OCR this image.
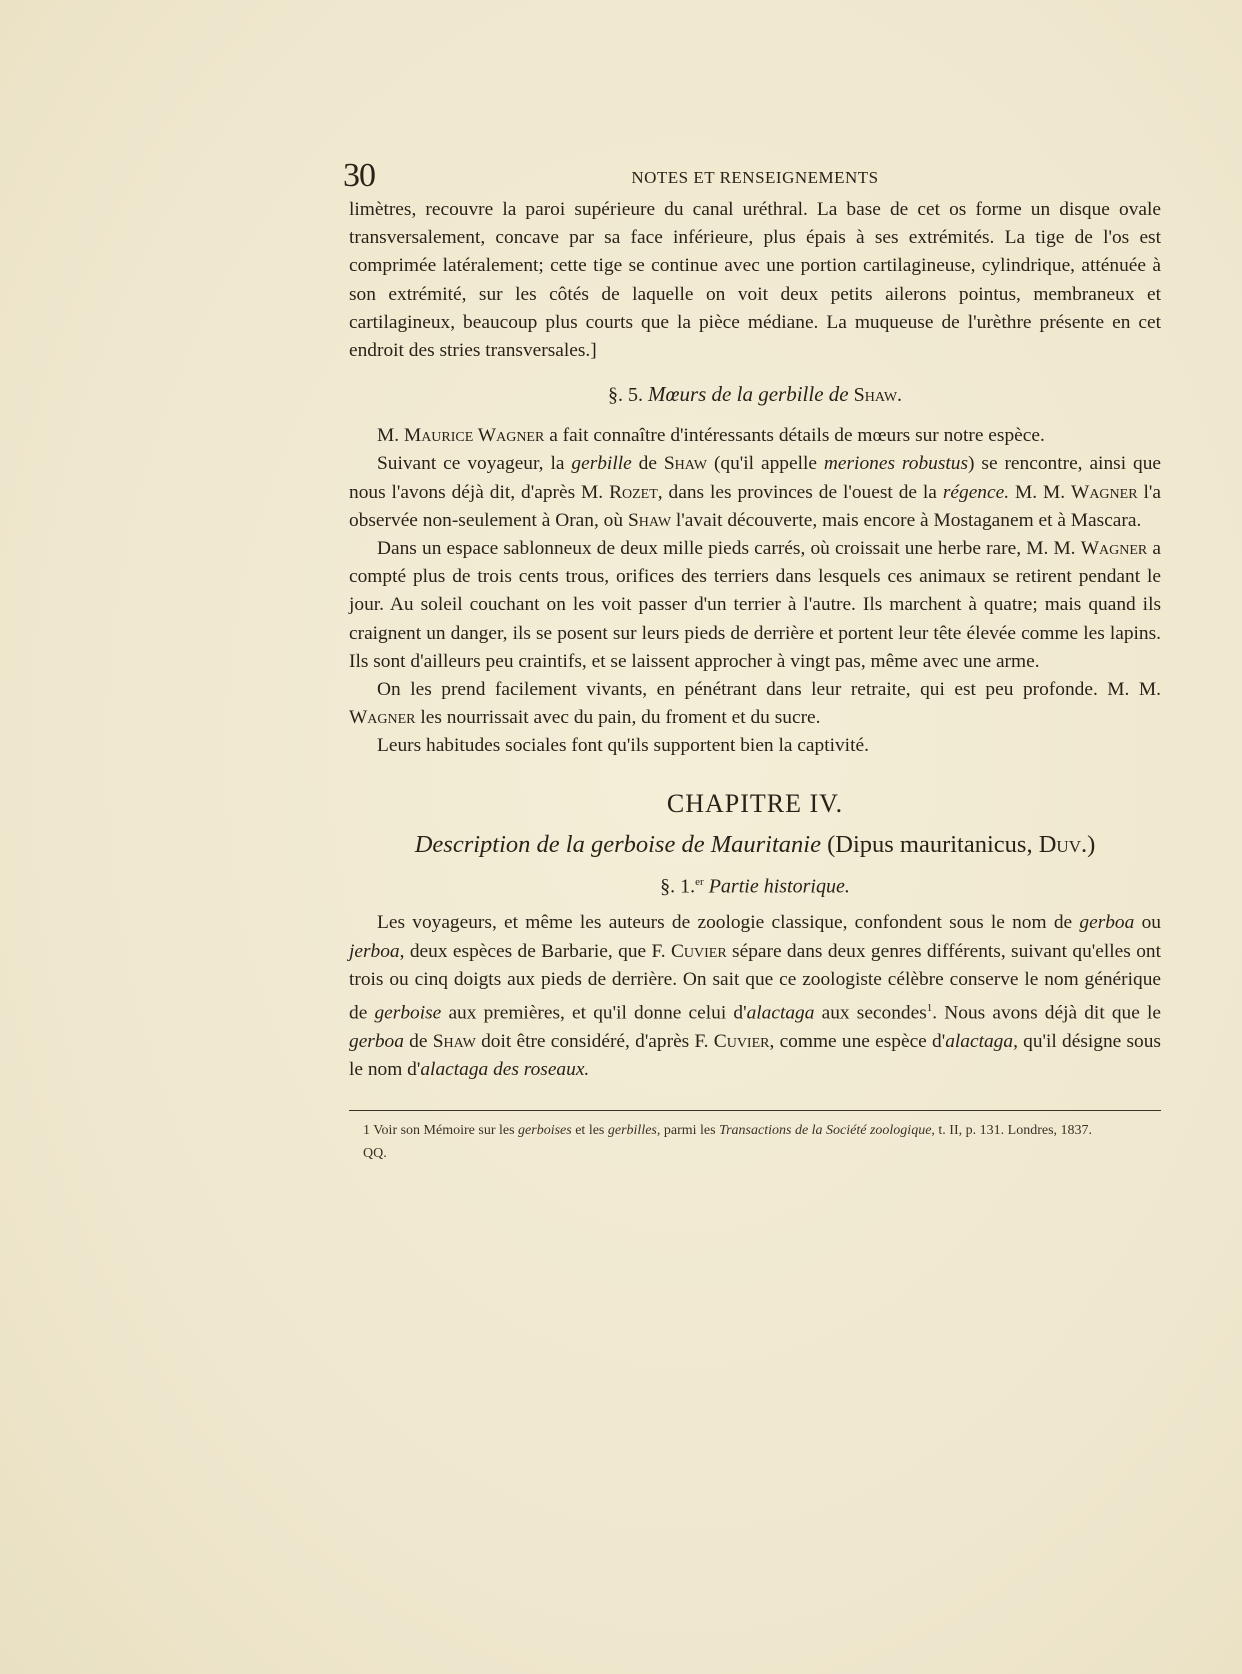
30	NOTES ET RENSEIGNEMENTS

limètres, recouvre la paroi supérieure du canal uréthral. La base de cet os forme un disque ovale transversalement, concave par sa face inférieure, plus épais à ses extrémités. La tige de l'os est comprimée latéralement; cette tige se continue avec une portion cartilagineuse, cylindrique, atténuée à son extrémité, sur les côtés de laquelle on voit deux petits ailerons pointus, membraneux et cartilagineux, beaucoup plus courts que la pièce médiane. La muqueuse de l'urèthre présente en cet endroit des stries transversales.]

§. 5. Mœurs de la gerbille de Shaw.

M. Maurice Wagner a fait connaître d'intéressants détails de mœurs sur notre espèce.

Suivant ce voyageur, la gerbille de Shaw (qu'il appelle meriones robustus) se rencontre, ainsi que nous l'avons déjà dit, d'après M. Rozet, dans les provinces de l'ouest de la régence. M. M. Wagner l'a observée non-seulement à Oran, où Shaw l'avait découverte, mais encore à Mostaganem et à Mascara.

Dans un espace sablonneux de deux mille pieds carrés, où croissait une herbe rare, M. M. Wagner a compté plus de trois cents trous, orifices des terriers dans lesquels ces animaux se retirent pendant le jour. Au soleil couchant on les voit passer d'un terrier à l'autre. Ils marchent à quatre; mais quand ils craignent un danger, ils se posent sur leurs pieds de derrière et portent leur tête élevée comme les lapins. Ils sont d'ailleurs peu craintifs, et se laissent approcher à vingt pas, même avec une arme.

On les prend facilement vivants, en pénétrant dans leur retraite, qui est peu profonde. M. M. Wagner les nourrissait avec du pain, du froment et du sucre.

Leurs habitudes sociales font qu'ils supportent bien la captivité.

CHAPITRE IV.
Description de la gerboise de Mauritanie (Dipus mauritanicus, Duv.)
§. 1.$^{er}$ Partie historique.

Les voyageurs, et même les auteurs de zoologie classique, confondent sous le nom de gerboa ou jerboa, deux espèces de Barbarie, que F. Cuvier sépare dans deux genres différents, suivant qu'elles ont trois ou cinq doigts aux pieds de derrière. On sait que ce zoologiste célèbre conserve le nom générique de gerboise aux premières, et qu'il donne celui d'alactaga aux secondes$^1$. Nous avons déjà dit que le gerboa de Shaw doit être considéré, d'après F. Cuvier, comme une espèce d'alactaga, qu'il désigne sous le nom d'alactaga des roseaux.

1 Voir son Mémoire sur les gerboises et les gerbilles, parmi les Transactions de la Société zoologique, t. II, p. 131. Londres, 1837.

QQ.
